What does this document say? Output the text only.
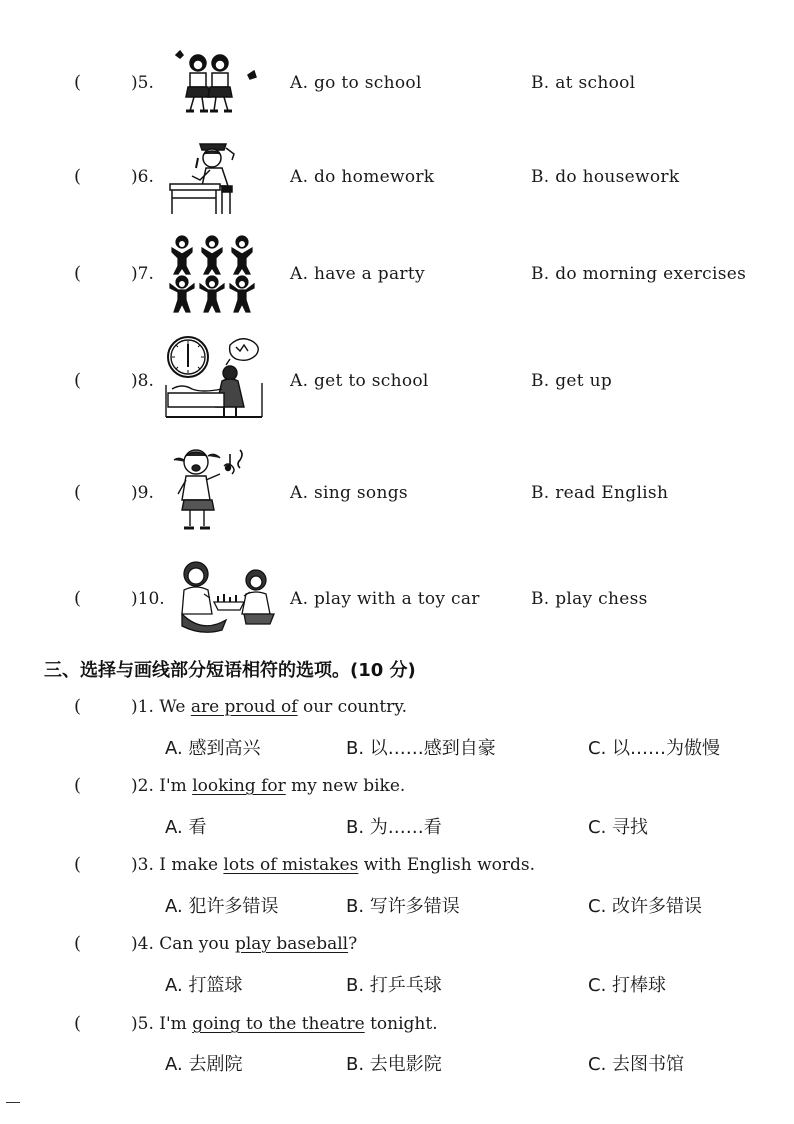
(	)5.	A. go to school	B. at school
(	)6.	A. do homework	B. do housework
(	)7.	A. have a party	B. do morning exercises
(	)8.	A. get to school	B. get up
(	)9.	A. sing songs	B. read English
(	)10.	A. play with a toy car	B. play chess
三、选择与画线部分短语相符的选项。(10 分)
(	)1. We are proud of our country.
A. 感到高兴	B. 以……感到自豪	C. 以……为傲慢
(	)2. I'm looking for my new bike.
A. 看	B. 为……看	C. 寻找
(	)3. I make lots of mistakes with English words.
A. 犯许多错误	B. 写许多错误	C. 改许多错误
(	)4. Can you play baseball?
A. 打篮球	B. 打乒乓球	C. 打棒球
(	)5. I'm going to the theatre tonight.
A. 去剧院	B. 去电影院	C. 去图书馆
